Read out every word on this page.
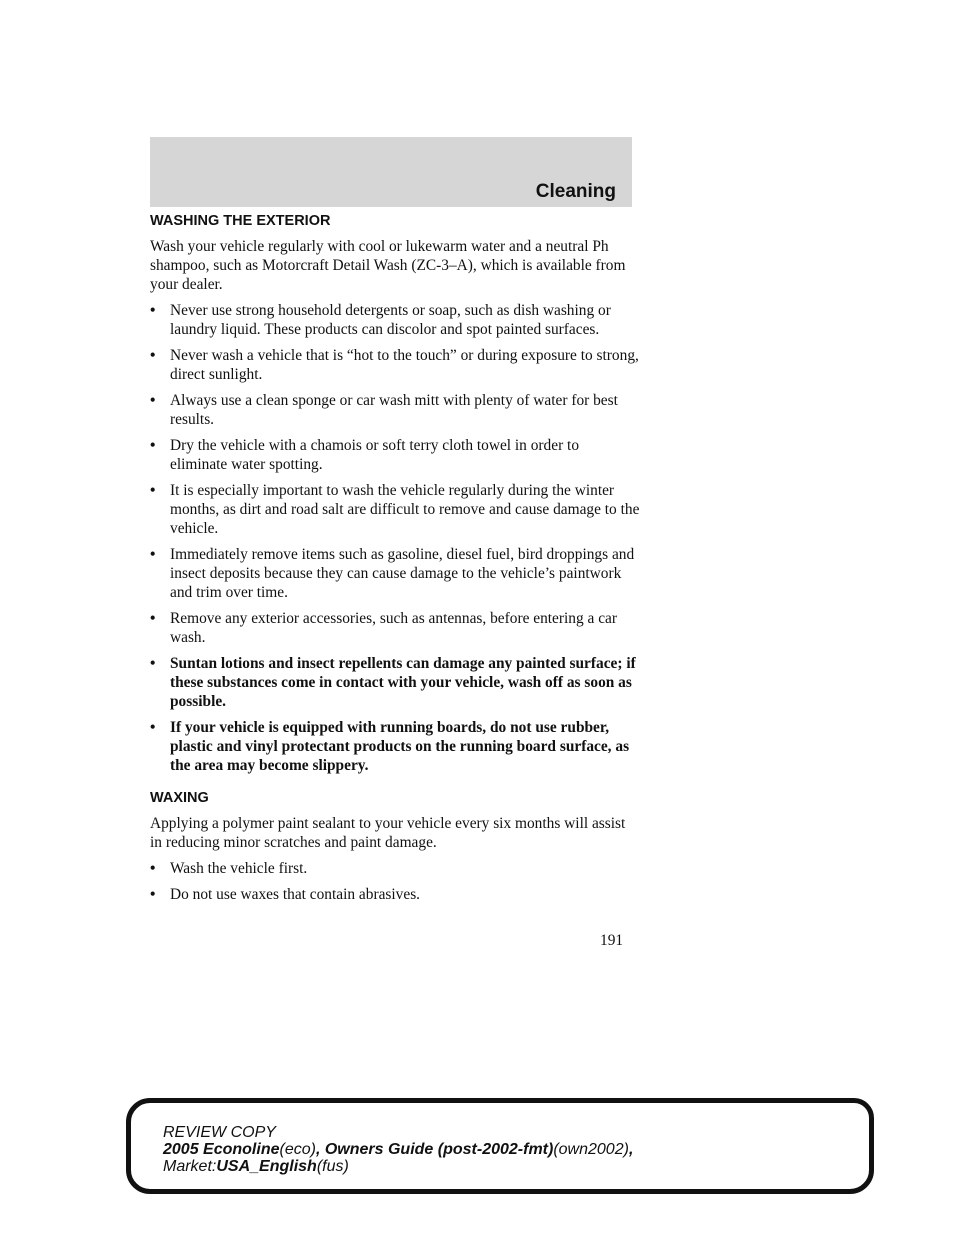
Cleaning
WASHING THE EXTERIOR

Wash your vehicle regularly with cool or lukewarm water and a neutral Ph shampoo, such as Motorcraft Detail Wash (ZC-3–A), which is available from your dealer.

• Never use strong household detergents or soap, such as dish washing or laundry liquid. These products can discolor and spot painted surfaces.
• Never wash a vehicle that is “hot to the touch” or during exposure to strong, direct sunlight.
• Always use a clean sponge or car wash mitt with plenty of water for best results.
• Dry the vehicle with a chamois or soft terry cloth towel in order to eliminate water spotting.
• It is especially important to wash the vehicle regularly during the winter months, as dirt and road salt are difficult to remove and cause damage to the vehicle.
• Immediately remove items such as gasoline, diesel fuel, bird droppings and insect deposits because they can cause damage to the vehicle’s paintwork and trim over time.
• Remove any exterior accessories, such as antennas, before entering a car wash.
• Suntan lotions and insect repellents can damage any painted surface; if these substances come in contact with your vehicle, wash off as soon as possible.
• If your vehicle is equipped with running boards, do not use rubber, plastic and vinyl protectant products on the running board surface, as the area may become slippery.
WAXING

Applying a polymer paint sealant to your vehicle every six months will assist in reducing minor scratches and paint damage.

• Wash the vehicle first.
• Do not use waxes that contain abrasives.
191
REVIEW COPY
2005 Econoline(eco), Owners Guide (post-2002-fmt)(own2002),
Market:USA_English(fus)
